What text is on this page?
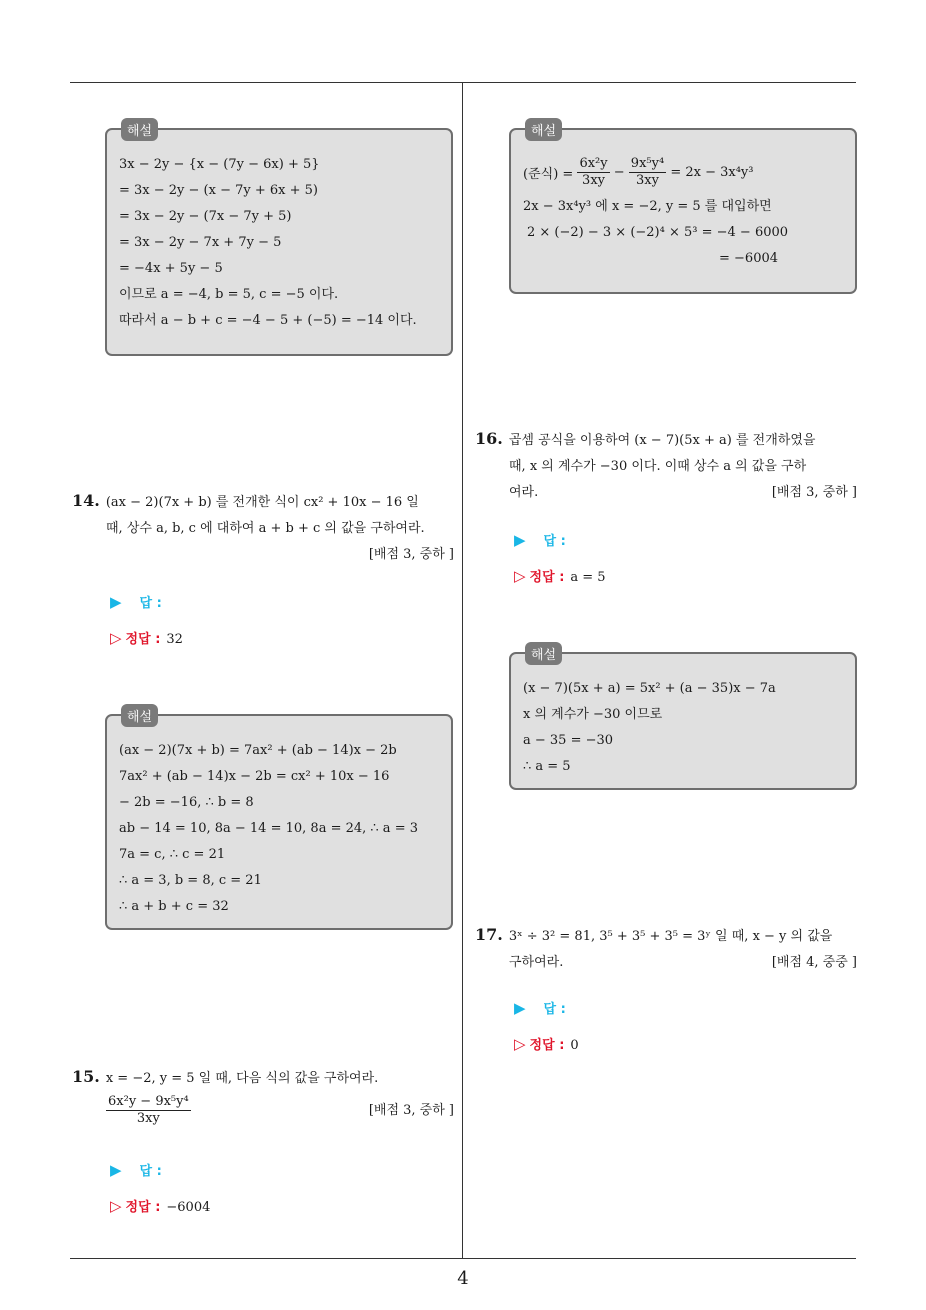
해설
3x − 2y − {x − (7y − 6x) + 5}
= 3x − 2y − (x − 7y + 6x + 5)
= 3x − 2y − (7x − 7y + 5)
= 3x − 2y − 7x + 7y − 5
= −4x + 5y − 5
이므로 a = −4, b = 5, c = −5 이다.
따라서 a − b + c = −4 − 5 + (−5) = −14 이다.
14. (ax − 2)(7x + b) 를 전개한 식이 cx² + 10x − 16 일
때, 상수 a, b, c 에 대하여 a + b + c 의 값을 구하여라.
[배점 3, 중하 ]
▶ 답 :
▷ 정답 : 32
해설
(ax − 2)(7x + b) = 7ax² + (ab − 14)x − 2b
7ax² + (ab − 14)x − 2b = cx² + 10x − 16
− 2b = −16, ∴ b = 8
ab − 14 = 10, 8a − 14 = 10, 8a = 24, ∴ a = 3
7a = c, ∴ c = 21
∴ a = 3, b = 8, c = 21
∴ a + b + c = 32
15. x = −2, y = 5 일 때, 다음 식의 값을 구하여라.
$\frac{\text{6x²y − 9x⁵y⁴}}{3xy}$	[배점 3, 중하 ]
▶ 답 :
▷ 정답 : −6004
해설
(준식) =
$\frac{\text{6x²y}}{3xy}$
−
$\frac{\text{9x⁵y⁴}}{3xy}$
= 2x − 3x⁴y³
2x − 3x⁴y³ 에 x = −2, y = 5 를 대입하면
2 × (−2) − 3 × (−2)⁴ × 5³ = −4 − 6000
= −6004
16. 곱셈 공식을 이용하여 (x − 7)(5x + a) 를 전개하였을
때, x 의 계수가 −30 이다. 이때 상수 a 의 값을 구하
여라.	[배점 3, 중하 ]
▶ 답 :
▷ 정답 : a = 5
해설
(x − 7)(5x + a) = 5x² + (a − 35)x − 7a
x 의 계수가 −30 이므로
a − 35 = −30
∴ a = 5
17. 3ˣ ÷ 3² = 81, 3⁵ + 3⁵ + 3⁵ = 3ʸ 일 때, x − y 의 값을
구하여라.	[배점 4, 중중 ]
▶ 답 :
▷ 정답 : 0
4
